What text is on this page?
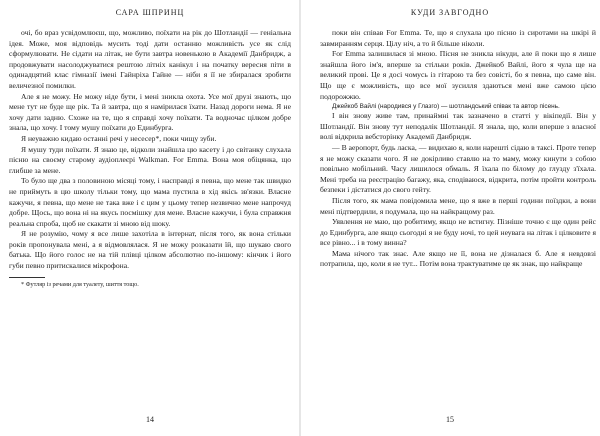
САРА ШПРИНЦ

очі, бо враз усвідомлюєш, що, можливо, поїхати на рік до Шотландії — геніальна ідея. Може, моя відповідь мусить тоді дати останню можливість усе як слід сформулювати. Не сідати на літак, не бути завтра новенькою в Академії Данбридж, а продовжувати насолоджуватися рештою літніх канікул і на початку вересня піти в одинадцятий клас гімназії імені Гайнріха Гайне — ніби я її не збиралася зробити величезної помилки.

Але я не можу. Не можу ніде бути, і мені зникла охота. Усе мої друзі знають, що мене тут не буде ще рік. Та й завтра, що я намірилася їхати. Назад дороги нема. Я не хочу дати задню. Схоже на те, що я справді хочу поїхати. Та водночас цілком добре знала, що хочу. І тому мушу поїхати до Единбурга.

Я неуважно кидаю останні речі у несесер*, поки чищу зуби.

Я мушу туди поїхати. Я знаю це, відколи знайшла цю касету і до світанку слухала пісню на своєму старому аудіоплеєрі Walkman. For Emma. Вона моя обіцянка, що глибше за мене.

То було ще два з половиною місяці тому, і насправді я певна, що мене так швидко не приймуть в цю школу тільки тому, що мама пустила в хід якісь зв'язки. Власне кажучи, я певна, що мене не така вже і є цим у цьому тепер незвично мене напрочуд добре. Щось, що вона ні на якусь посмішку для мене. Власне кажучи, і була справжня реальна спроба, щоб не скакати зі мною від шоку.

Я не розумію, чому я все лише захотіла в інтернат, після того, як вона стільки років пропонувала мені, а я відмовлялася. Я не можу розказати їй, що шукаю свого батька. Що його голос не на тій плівці цілком абсолютно по-іншому: кінчик і його губи певно притискалися мікрофона.

* Футляр із речами для туалету, шиття тощо.

14
КУДИ ЗАВГОДНО

поки він співав For Emma. Те, що я слухала цю пісню із сиротами на шкірі й завмиранням серця. Цілу ніч, а то й більше ніколи.

For Emma залишилася зі мною. Пісня не зникла нікуди, але й поки що я лише знайшла його ім'я, вперше за стільки років. Джейкоб Вайлі, його я чула ще на великий прові. Це я досі чомусь із гітарою та без совісті, бо я певна, що саме він. Що ще є можливість, що все мої зусилля здаються мені вже самою цією подорожжю.

Джейкоб Вайлі (народився у Глазго) — шотландський співак та автор пісень.

І він знову живе там, принаймні так зазначено в статті у вікіпедії. Він у Шотландії. Він знову тут неподалік Шотландії. Я знала, що, коли вперше з власної волі відкрила вебсторінку Академії Данбридж.

— В аеропорт, будь ласка, — видихаю я, коли нарешті сідаю в таксі. Проте тепер я не можу сказати чого. Я не докірливо ставлю на то маму, можу кинути з собою повільно мобільний. Часу лишилося обмаль. Я їхала по білому до глузду з'їхала. Мені треба на реєстрацію багажу, яка, сподіваюся, відкрита, потім пройти контроль безпеки і дістатися до свого гейту.

Після того, як мама повідомила мене, що я вже в перші години поїздки, а вони мені підтвердили, я подумала, що на найкращому раз.

Уявлення не маю, що робитиму, якщо не встигну. Пізніше точно є ще один рейс до Единбурга, але якщо сьогодні я не буду ночі, то цей неувага на літак і цілковите я все рівно... і в тому винна?

Мама нічого так знає. Але якщо не її, вона не дізналася б. Але я невдовзі потрапила, що, коли я не тут... Потім вона трактуватиме це як знак, що найкраще

15
